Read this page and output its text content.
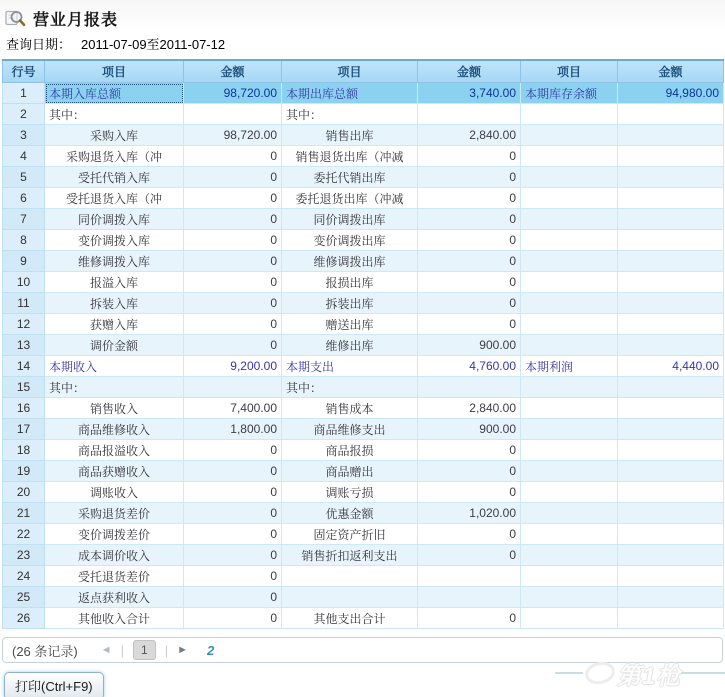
营业月报表
查询日期： 2011-07-09至2011-07-12
行号	项目	金额	项目	金额	项目	金额
1	本期入库总额	98,720.00	本期出库总额	3,740.00	本期库存余额	94,980.00
2	其中：		其中：			
3	采购入库	98,720.00	销售出库	2,840.00		
4	采购退货入库（冲	0	销售退货出库（冲减	0		
5	受托代销入库	0	委托代销出库	0		
6	受托退货入库（冲	0	委托退货出库（冲减	0		
7	同价调拨入库	0	同价调拨出库	0		
8	变价调拨入库	0	变价调拨出库	0		
9	维修调拨入库	0	维修调拨出库	0		
10	报溢入库	0	报损出库	0		
11	拆装入库	0	拆装出库	0		
12	获赠入库	0	赠送出库	0		
13	调价金额	0	维修出库	900.00		
14	本期收入	9,200.00	本期支出	4,760.00	本期利润	4,440.00
15	其中：		其中：			
16	销售收入	7,400.00	销售成本	2,840.00		
17	商品维修收入	1,800.00	商品维修支出	900.00		
18	商品报溢收入	0	商品报损	0		
19	商品获赠收入	0	商品赠出	0		
20	调账收入	0	调账亏损	0		
21	采购退货差价	0	优惠金额	1,020.00		
22	变价调拨差价	0	固定资产折旧	0		
23	成本调价收入	0	销售折扣返利支出	0		
24	受托退货差价	0				
25	返点获利收入	0				
26	其他收入合计	0	其他支出合计	0		
(26 条记录) ◄ |	1	| ► 2
打印(Ctrl+F9)	第1枪
